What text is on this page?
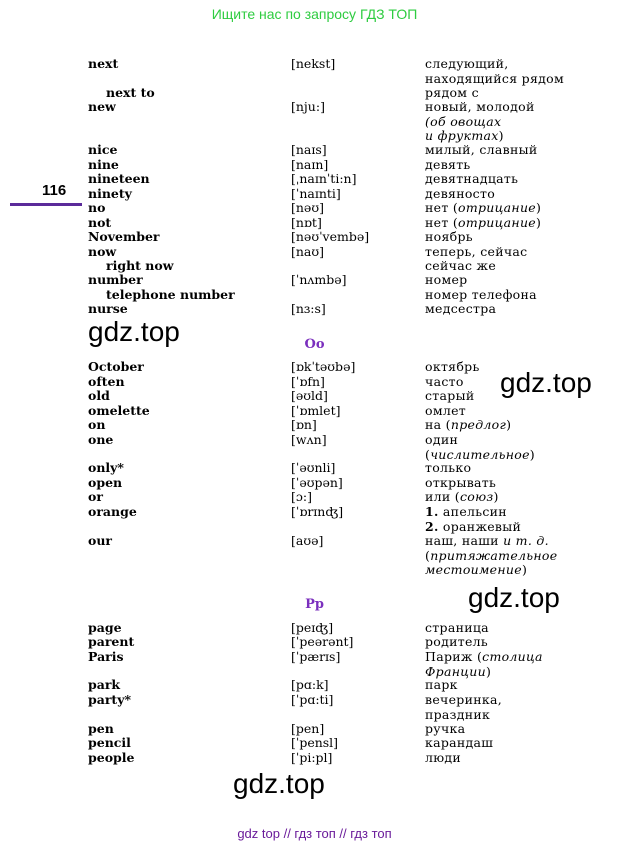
Ищите нас по запросу ГДЗ ТОП
116
Oo
Pp
next	[nekst]	следующий,
находящийся рядом
next to	рядом с
new	[nju:]	новый, молодой
(об овощах
и фруктах)
nice	[naɪs]	милый, славный
nine	[naɪn]	девять
nineteen	[ˌnaɪnˈti:n]	девятнадцать
ninety	[ˈnaɪnti]	девяносто
no	[nəʊ]	нет (отрицание)
not	[nɒt]	нет (отрицание)
November	[nəʊˈvembə]	ноябрь
now	[naʊ]	теперь, сейчас
right now	сейчас же
number	[ˈnʌmbə]	номер
telephone number	номер телефона
nurse	[nɜ:s]	медсестра
October	[ɒkˈtəʊbə]	октябрь
often	[ˈɒfn]	часто
old	[əʊld]	старый
omelette	[ˈɒmlet]	омлет
on	[ɒn]	на (предлог)
one	[wʌn]	один
(числительное)
only*	[ˈəʊnli]	только
open	[ˈəʊpən]	открывать
or	[ɔ:]	или (союз)
orange	[ˈɒrɪnʤ]	1. апельсин
2. оранжевый
our	[aʊə]	наш, наши и т. д.
(притяжательное
местоимение)
page	[peɪʤ]	страница
parent	[ˈpeərənt]	родитель
Paris	[ˈpærɪs]	Париж (столица
Франции)
park	[pɑ:k]	парк
party*	[ˈpɑ:ti]	вечеринка,
праздник
pen	[pen]	ручка
pencil	[ˈpensl]	карандаш
people	[ˈpi:pl]	люди
gdz.top
gdz.top
gdz.top
gdz.top
gdz top // гдз топ // гдз топ
